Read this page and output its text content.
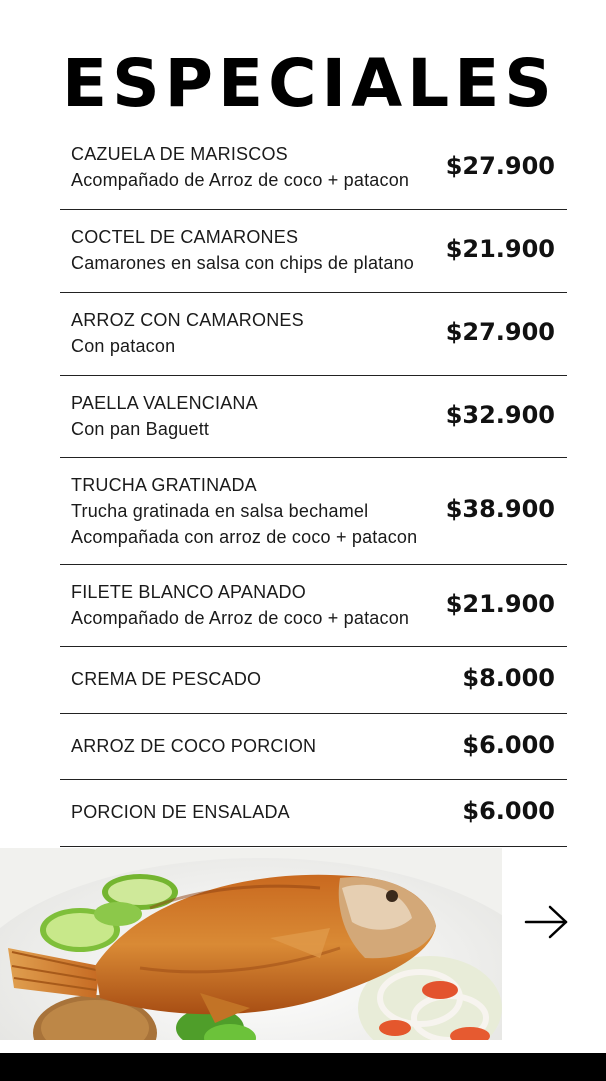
ESPECIALES
CAZUELA DE MARISCOS
Acompañado de Arroz de coco + patacon $27.900
COCTEL DE CAMARONES
Camarones en salsa con chips de platano $21.900
ARROZ CON CAMARONES
Con patacon	$27.900
PAELLA VALENCIANA
Con pan Baguett	$32.900
TRUCHA GRATINADA
Trucha gratinada en salsa bechamel
Acompañada con arroz de coco + patacon
$38.900
FILETE BLANCO APANADO
Acompañado de Arroz de coco + patacon $21.900
CREMA DE PESCADO	$8.000
ARROZ DE COCO PORCION	$6.000
PORCION DE ENSALADA	$6.000
